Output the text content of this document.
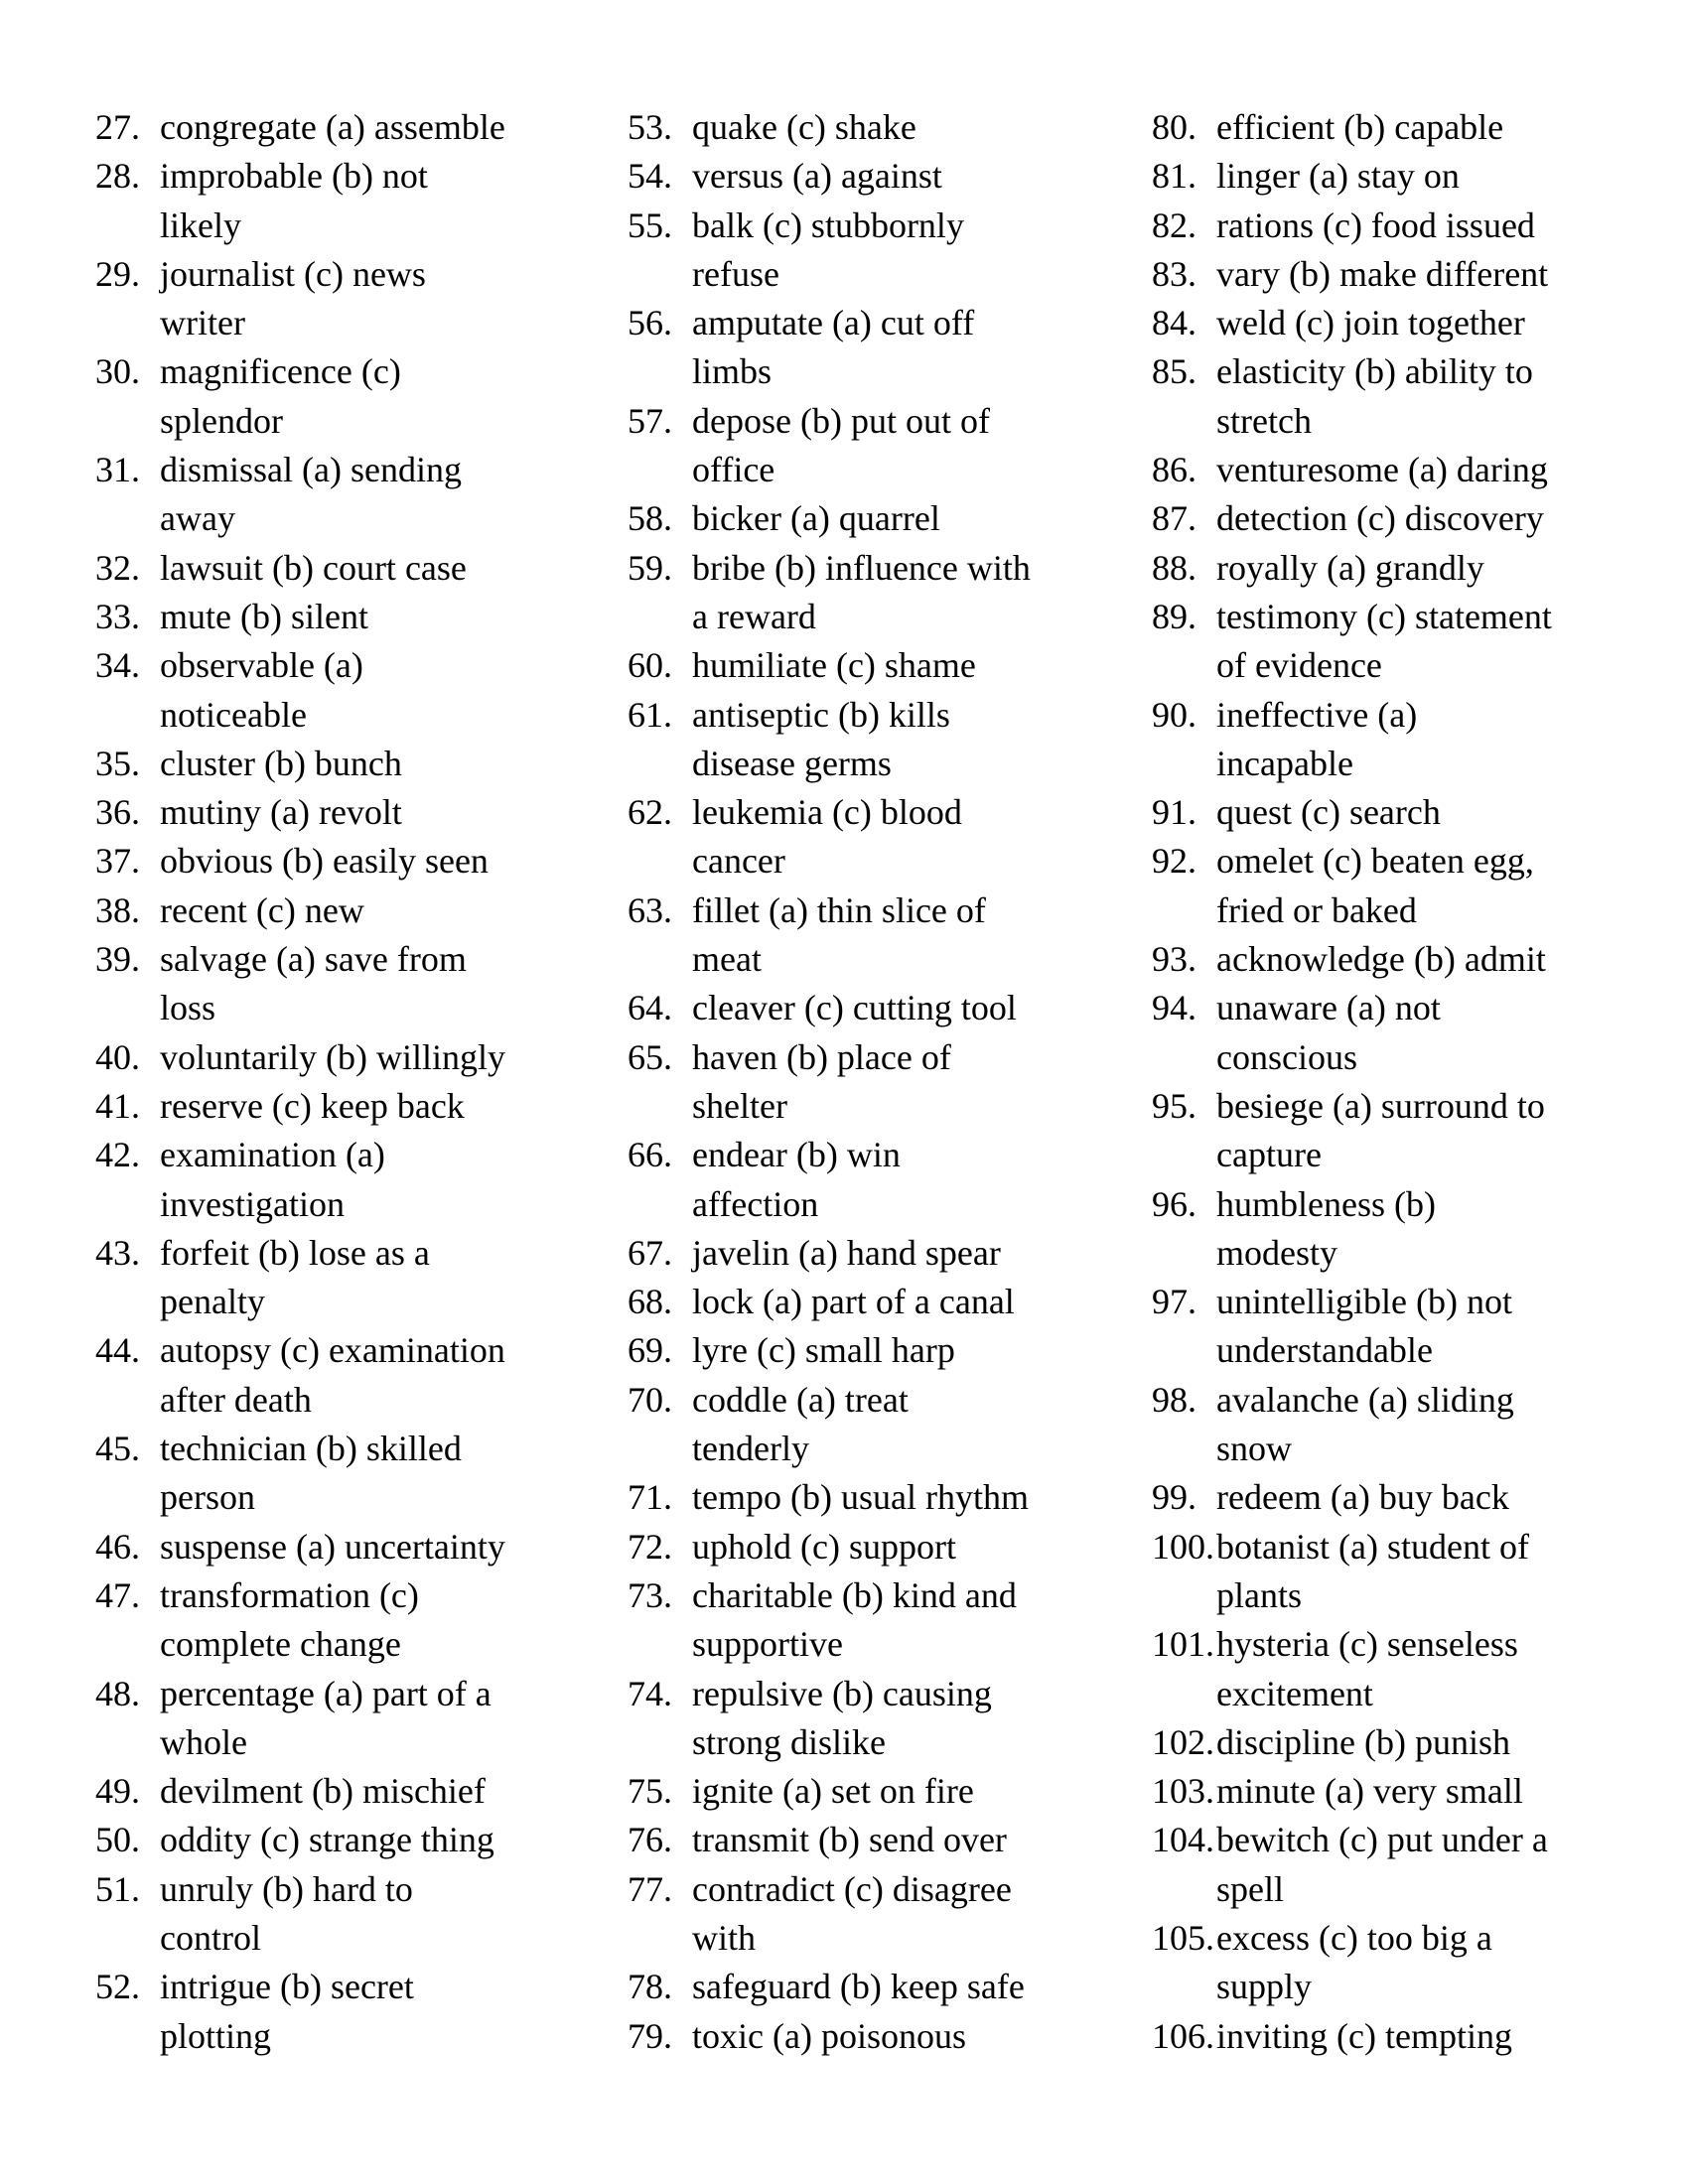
27. congregate (a) assemble
28. improbable (b) not
likely
29. journalist (c) news
writer
30. magnificence (c)
splendor
31. dismissal (a) sending
away
32. lawsuit (b) court case
33. mute (b) silent
34. observable (a)
noticeable
35. cluster (b) bunch
36. mutiny (a) revolt
37. obvious (b) easily seen
38. recent (c) new
39. salvage (a) save from
loss
40. voluntarily (b) willingly
41. reserve (c) keep back
42. examination (a)
investigation
43. forfeit (b) lose as a
penalty
44. autopsy (c) examination
after death
45. technician (b) skilled
person
46. suspense (a) uncertainty
47. transformation (c)
complete change
48. percentage (a) part of a
whole
49. devilment (b) mischief
50. oddity (c) strange thing
51. unruly (b) hard to
control
52. intrigue (b) secret
plotting
53. quake (c) shake
54. versus (a) against
55. balk (c) stubbornly
refuse
56. amputate (a) cut off
limbs
57. depose (b) put out of
office
58. bicker (a) quarrel
59. bribe (b) influence with
a reward
60. humiliate (c) shame
61. antiseptic (b) kills
disease germs
62. leukemia (c) blood
cancer
63. fillet (a) thin slice of
meat
64. cleaver (c) cutting tool
65. haven (b) place of
shelter
66. endear (b) win
affection
67. javelin (a) hand spear
68. lock (a) part of a canal
69. lyre (c) small harp
70. coddle (a) treat
tenderly
71. tempo (b) usual rhythm
72. uphold (c) support
73. charitable (b) kind and
supportive
74. repulsive (b) causing
strong dislike
75. ignite (a) set on fire
76. transmit (b) send over
77. contradict (c) disagree
with
78. safeguard (b) keep safe
79. toxic (a) poisonous
80. efficient (b) capable
81. linger (a) stay on
82. rations (c) food issued
83. vary (b) make different
84. weld (c) join together
85. elasticity (b) ability to
stretch
86. venturesome (a) daring
87. detection (c) discovery
88. royally (a) grandly
89. testimony (c) statement
of evidence
90. ineffective (a)
incapable
91. quest (c) search
92. omelet (c) beaten egg,
fried or baked
93. acknowledge (b) admit
94. unaware (a) not
conscious
95. besiege (a) surround to
capture
96. humbleness (b)
modesty
97. unintelligible (b) not
understandable
98. avalanche (a) sliding
snow
99. redeem (a) buy back
100. botanist (a) student of
plants
101. hysteria (c) senseless
excitement
102. discipline (b) punish
103. minute (a) very small
104. bewitch (c) put under a
spell
105. excess (c) too big a
supply
106. inviting (c) tempting
